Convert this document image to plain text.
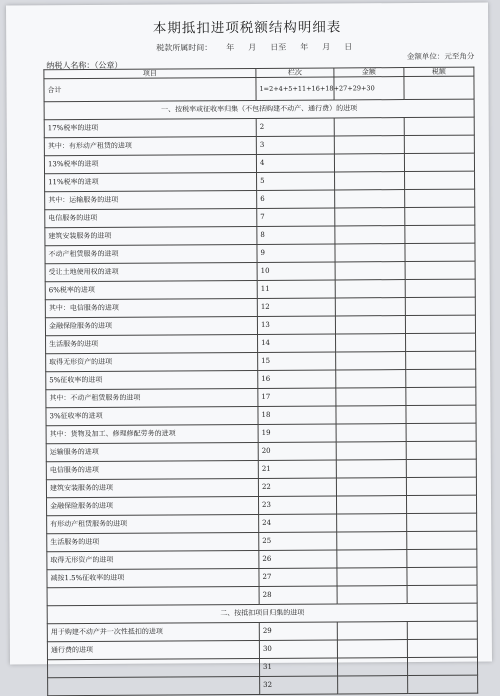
本期抵扣进项税额结构明细表
税款所属时间： 年 月 日至 年 月 日
金额单位：元至角分
纳税人名称：（公章）
项目	栏次	金额	税额
合计	1=2+4+5+11+16+18+27+29+30		
一、按税率或征收率归集（不包括购建不动产、通行费）的进项			
17%税率的进项	2		
其中：有形动产租赁的进项	3		
13%税率的进项	4		
11%税率的进项	5		
其中：运输服务的进项	6		
电信服务的进项	7		
建筑安装服务的进项	8		
不动产租赁服务的进项	9		
受让土地使用权的进项	10		
6%税率的进项	11		
其中：电信服务的进项	12		
金融保险服务的进项	13		
生活服务的进项	14		
取得无形资产的进项	15		
5%征收率的进项	16		
其中：不动产租赁服务的进项	17		
3%征收率的进项	18		
其中：货物及加工、修理修配劳务的进项	19		
运输服务的进项	20		
电信服务的进项	21		
建筑安装服务的进项	22		
金融保险服务的进项	23		
有形动产租赁服务的进项	24		
生活服务的进项	25		
取得无形资产的进项	26		
减按1.5%征收率的进项	27		
	28		
二、按抵扣项目归集的进项			
用于购建不动产并一次性抵扣的进项	29		
通行费的进项	30		
	31		
	32		
